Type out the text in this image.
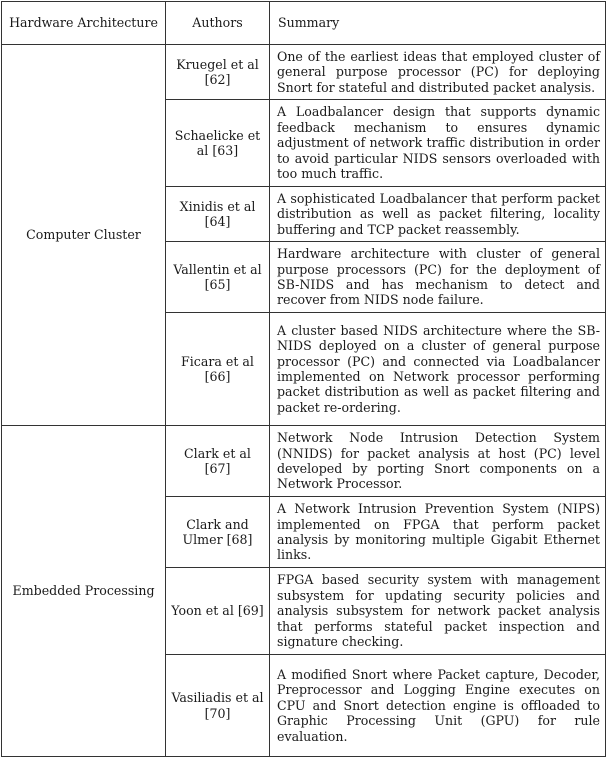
Hardware Architecture	Authors	Summary
Computer Cluster	Kruegel et al [62]	One of the earliest ideas that employed cluster of general purpose processor (PC) for deploying Snort for stateful and distributed packet analysis.

	Schaelicke et al [63]	A Loadbalancer design that supports dynamic feedback mechanism to ensures dynamic adjustment of network traffic distribution in order to avoid particular NIDS sensors overloaded with too much traffic.

	Xinidis et al [64]	A sophisticated Loadbalancer that perform packet distribution as well as packet filtering, locality buffering and TCP packet reassembly.

	Vallentin et al [65]	Hardware architecture with cluster of general purpose processors (PC) for the deployment of SB-NIDS and has mechanism to detect and recover from NIDS node failure.

	Ficara et al [66]	A cluster based NIDS architecture where the SB-NIDS deployed on a cluster of general purpose processor (PC) and connected via Loadbalancer implemented on Network processor performing packet distribution as well as packet filtering and packet re-ordering.

Embedded Processing	Clark et al [67]	Network Node Intrusion Detection System (NNIDS) for packet analysis at host (PC) level developed by porting Snort components on a Network Processor.

	Clark and Ulmer [68]	A Network Intrusion Prevention System (NIPS) implemented on FPGA that perform packet analysis by monitoring multiple Gigabit Ethernet links.

	Yoon et al [69]	FPGA based security system with management subsystem for updating security policies and analysis subsystem for network packet analysis that performs stateful packet inspection and signature checking.

	Vasiliadis et al [70]	A modified Snort where Packet capture, Decoder, Preprocessor and Logging Engine executes on CPU and Snort detection engine is offloaded to Graphic Processing Unit (GPU) for rule evaluation.
